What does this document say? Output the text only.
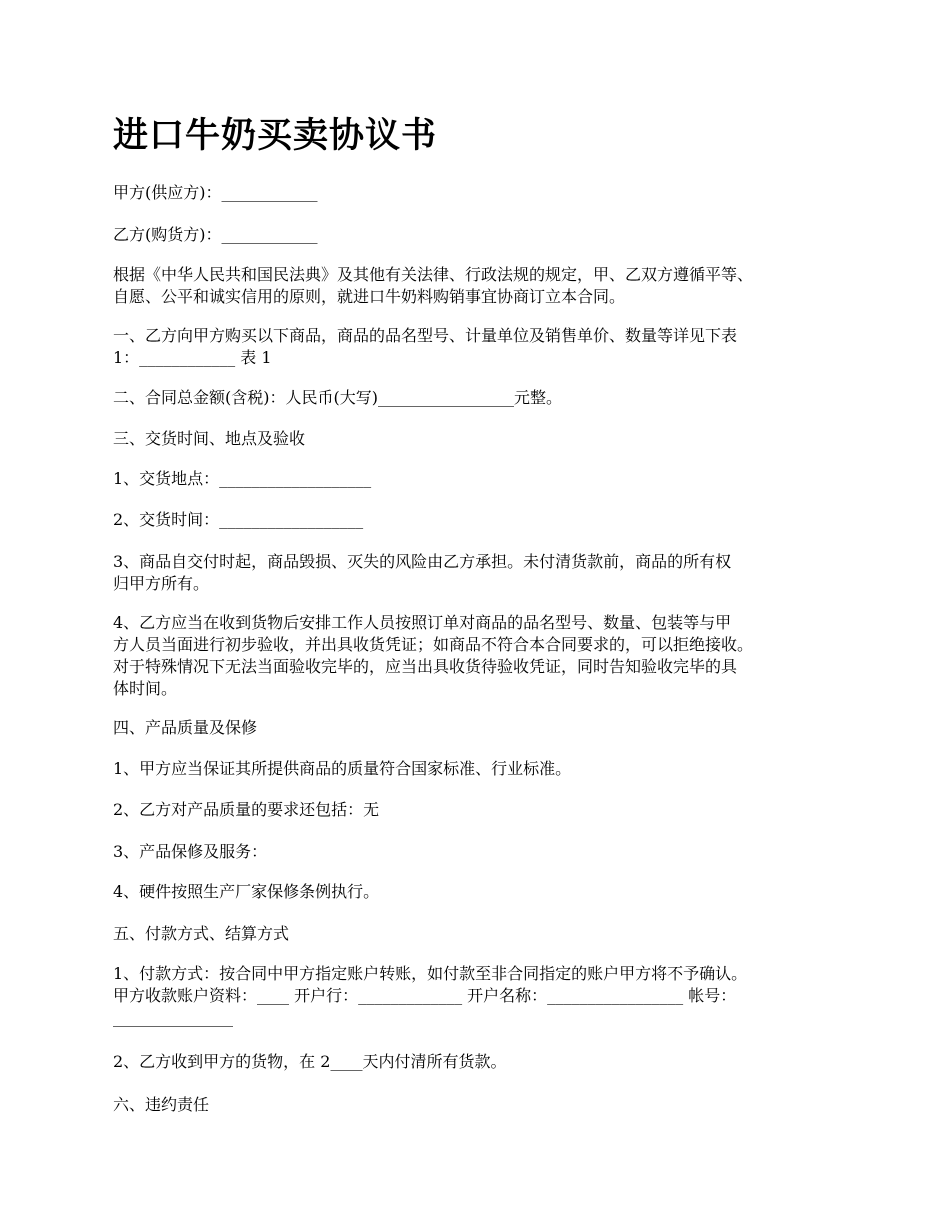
进口牛奶买卖协议书

甲方(供应方)：____________

乙方(购货方)：____________

根据《中华人民共和国民法典》及其他有关法律、行政法规的规定，甲、乙双方遵循平等、
自愿、公平和诚实信用的原则，就进口牛奶料购销事宜协商订立本合同。

一、乙方向甲方购买以下商品，商品的品名型号、计量单位及销售单价、数量等详见下表
1：____________ 表 1

二、合同总金额(含税)：人民币(大写)_________________元整。

三、交货时间、地点及验收

1、交货地点：___________________

2、交货时间：__________________

3、商品自交付时起，商品毁损、灭失的风险由乙方承担。未付清货款前，商品的所有权
归甲方所有。

4、乙方应当在收到货物后安排工作人员按照订单对商品的品名型号、数量、包装等与甲
方人员当面进行初步验收，并出具收货凭证；如商品不符合本合同要求的，可以拒绝接收。
对于特殊情况下无法当面验收完毕的，应当出具收货待验收凭证，同时告知验收完毕的具
体时间。

四、产品质量及保修

1、甲方应当保证其所提供商品的质量符合国家标准、行业标准。

2、乙方对产品质量的要求还包括：无

3、产品保修及服务：

4、硬件按照生产厂家保修条例执行。

五、付款方式、结算方式

1、付款方式：按合同中甲方指定账户转账，如付款至非合同指定的账户甲方将不予确认。
甲方收款账户资料：____ 开户行：_____________ 开户名称：_________________ 帐号：
_______________

2、乙方收到甲方的货物，在 2____天内付清所有货款。

六、违约责任
